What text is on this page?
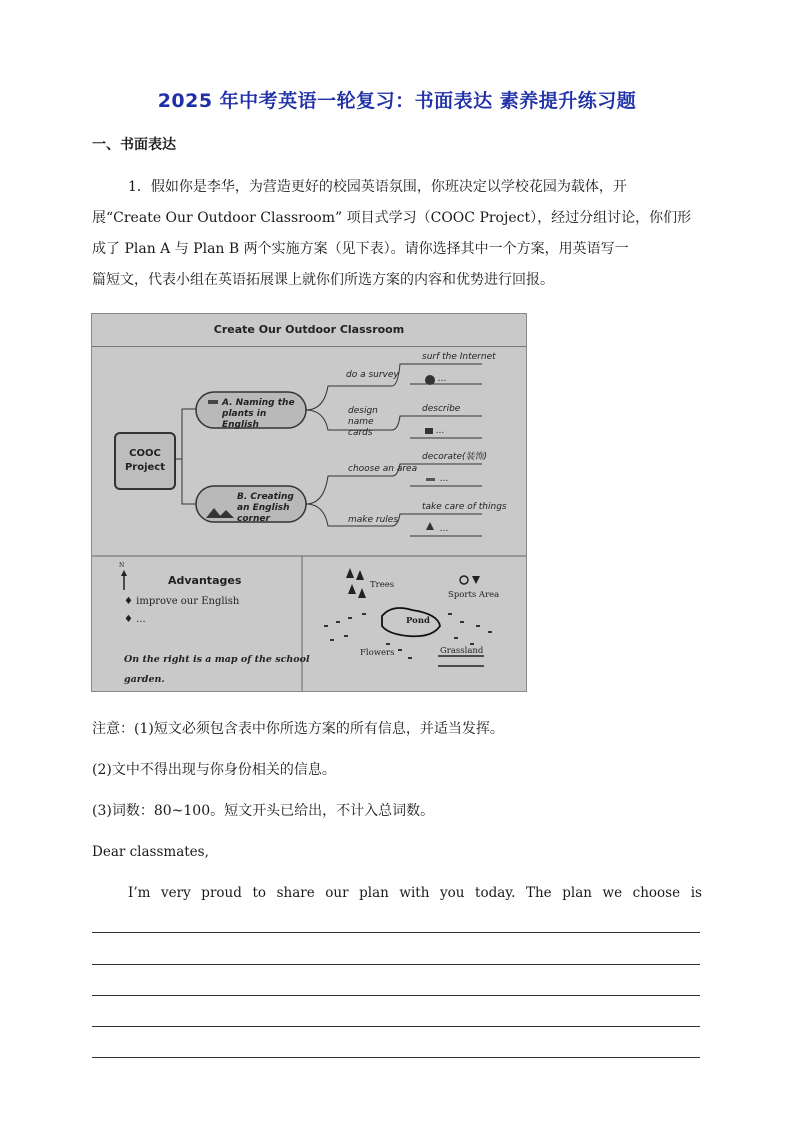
2025 年中考英语一轮复习：书面表达 素养提升练习题
一、书面表达

1．假如你是李华，为营造更好的校园英语氛围，你班决定以学校花园为载体，开

展“Create Our Outdoor Classroom” 项目式学习（COOC Project），经过分组讨论，你们形
成了 Plan A 与 Plan B 两个实施方案（见下表）。请你选择其中一个方案，用英语写一
篇短文，代表小组在英语拓展课上就你们所选方案的内容和优势进行回报。
Create Our Outdoor Classroom
COOC Project
A. Naming the plants in English
B. Creating an English corner
do a survey
design name cards
surf the Internet
describe
...
...
choose an area
make rules
decorate(装饰)
take care of things
...
...
Advantages
♦ improve our English
♦ ...
On the right is a map of the school garden.
N
Trees
Sports Area
Pond
Flowers	Grassland
注意：(1)短文必须包含表中你所选方案的所有信息，并适当发挥。
(2)文中不得出现与你身份相关的信息。
(3)词数：80~100。短文开头已给出，不计入总词数。
Dear classmates,
I’m very proud to share our plan with you today. The plan we choose is
